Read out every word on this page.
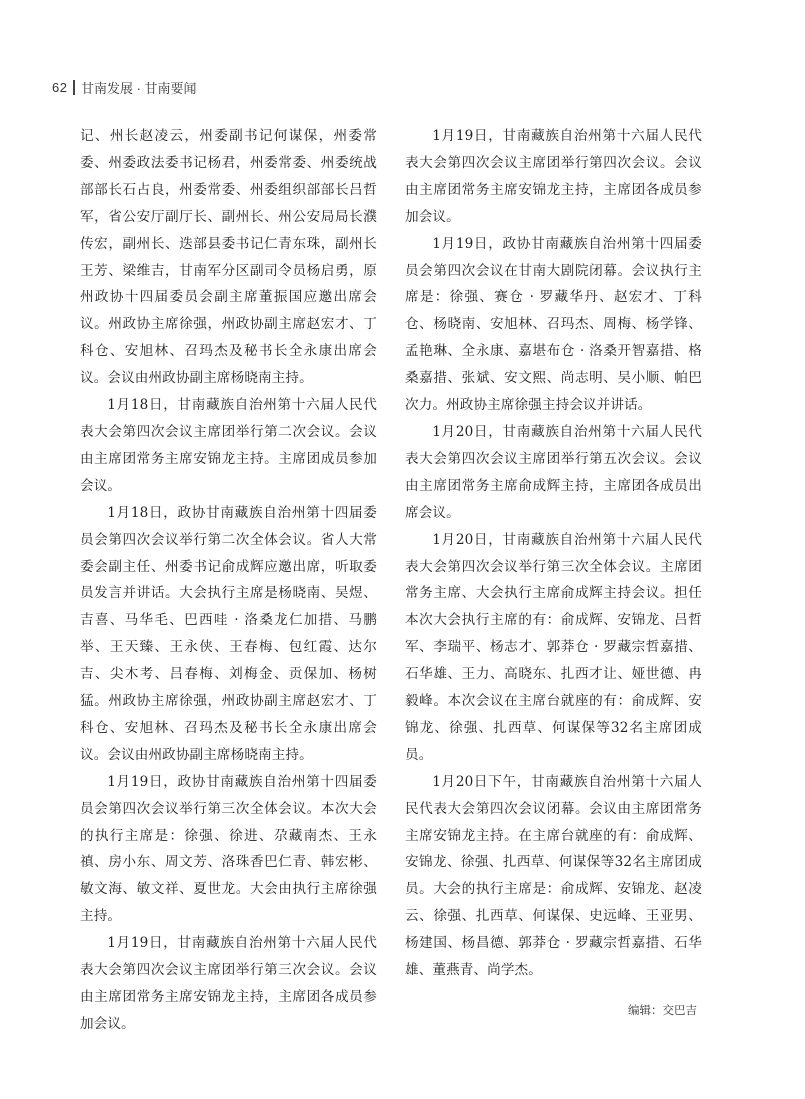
62 甘南发展 · 甘南要闻

记、州长赵凌云，州委副书记何谋保，州委常委、州委政法委书记杨君，州委常委、州委统战部部长石占良，州委常委、州委组织部部长吕哲军，省公安厅副厅长、副州长、州公安局局长濮传宏，副州长、迭部县委书记仁青东珠，副州长王芳、梁维吉，甘南军分区副司令员杨启勇，原州政协十四届委员会副主席董振国应邀出席会议。州政协主席徐强，州政协副主席赵宏才、丁科仓、安旭林、召玛杰及秘书长全永康出席会议。会议由州政协副主席杨晓南主持。

1月18日，甘南藏族自治州第十六届人民代表大会第四次会议主席团举行第二次会议。会议由主席团常务主席安锦龙主持。主席团成员参加会议。

1月18日，政协甘南藏族自治州第十四届委员会第四次会议举行第二次全体会议。省人大常委会副主任、州委书记俞成辉应邀出席，听取委员发言并讲话。大会执行主席是杨晓南、吴煜、吉喜、马华毛、巴西哇 · 洛桑龙仁加措、马鹏举、王天臻、王永侠、王春梅、包红霞、达尔吉、尖木考、吕春梅、刘梅金、贡保加、杨树猛。州政协主席徐强，州政协副主席赵宏才、丁科仓、安旭林、召玛杰及秘书长全永康出席会议。会议由州政协副主席杨晓南主持。

1月19日，政协甘南藏族自治州第十四届委员会第四次会议举行第三次全体会议。本次大会的执行主席是：徐强、徐进、尕藏南杰、王永禛、房小东、周文芳、洛珠香巴仁青、韩宏彬、敏文海、敏文祥、夏世龙。大会由执行主席徐强主持。

1月19日，甘南藏族自治州第十六届人民代表大会第四次会议主席团举行第三次会议。会议由主席团常务主席安锦龙主持，主席团各成员参加会议。

1月19日，甘南藏族自治州第十六届人民代表大会第四次会议主席团举行第四次会议。会议由主席团常务主席安锦龙主持，主席团各成员参加会议。

1月19日，政协甘南藏族自治州第十四届委员会第四次会议在甘南大剧院闭幕。会议执行主席是：徐强、赛仓 · 罗藏华丹、赵宏才、丁科仓、杨晓南、安旭林、召玛杰、周梅、杨学锋、孟艳琳、全永康、嘉堪布仓 · 洛桑开智嘉措、格桑嘉措、张斌、安文熙、尚志明、吴小顺、帕巴次力。州政协主席徐强主持会议并讲话。

1月20日，甘南藏族自治州第十六届人民代表大会第四次会议主席团举行第五次会议。会议由主席团常务主席俞成辉主持，主席团各成员出席会议。

1月20日，甘南藏族自治州第十六届人民代表大会第四次会议举行第三次全体会议。主席团常务主席、大会执行主席俞成辉主持会议。担任本次大会执行主席的有：俞成辉、安锦龙、吕哲军、李瑞平、杨志才、郭莽仓 · 罗藏宗哲嘉措、石华雄、王力、高晓东、扎西才让、娅世德、冉毅峰。本次会议在主席台就座的有：俞成辉、安锦龙、徐强、扎西草、何谋保等32名主席团成员。

1月20日下午，甘南藏族自治州第十六届人民代表大会第四次会议闭幕。会议由主席团常务主席安锦龙主持。在主席台就座的有：俞成辉、安锦龙、徐强、扎西草、何谋保等32名主席团成员。大会的执行主席是：俞成辉、安锦龙、赵凌云、徐强、扎西草、何谋保、史远峰、王亚男、杨建国、杨昌德、郭莽仓 · 罗藏宗哲嘉措、石华雄、董燕青、尚学杰。

编辑：交巴吉
